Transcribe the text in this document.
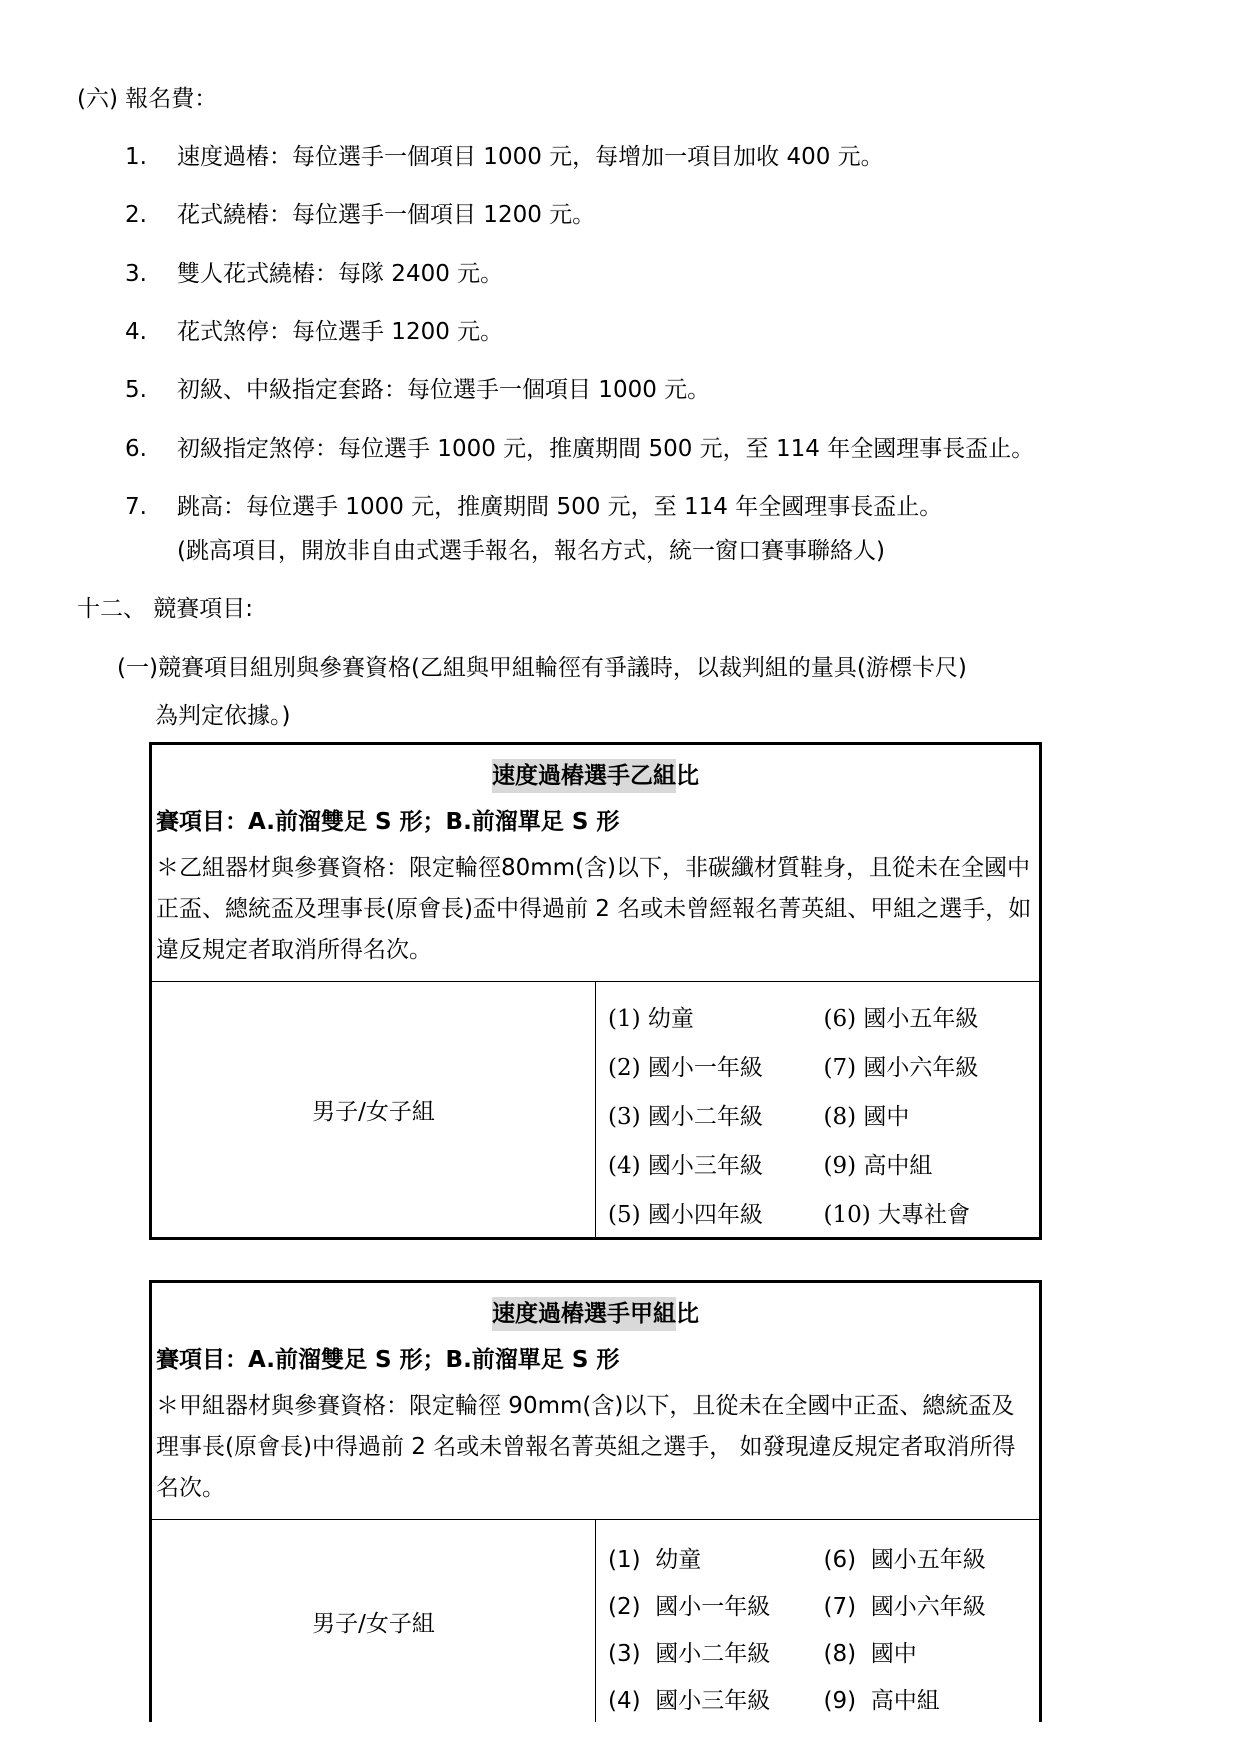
(六) 報名費：
1. 速度過樁：每位選手一個項目 1000 元，每增加一項目加收 400 元。
2. 花式繞樁：每位選手一個項目 1200 元。
3. 雙人花式繞樁：每隊 2400 元。
4. 花式煞停：每位選手 1200 元。
5. 初級、中級指定套路：每位選手一個項目 1000 元。
6. 初級指定煞停：每位選手 1000 元，推廣期間 500 元，至 114 年全國理事長盃止。
7. 跳高：每位選手 1000 元，推廣期間 500 元，至 114 年全國理事長盃止。
(跳高項目，開放非自由式選手報名，報名方式，統一窗口賽事聯絡人)
十二、 競賽項目:
(一)競賽項目組別與參賽資格(乙組與甲組輪徑有爭議時，以裁判組的量具(游標卡尺)
為判定依據。)
速度過樁選手乙組比
賽項目：A.前溜雙足 S 形；B.前溜單足 S 形
＊乙組器材與參賽資格：限定輪徑80mm(含)以下，非碳纖材質鞋身，且從未在全國中正盃、總統盃及理事長(原會長)盃中得過前 2 名或未曾經報名菁英組、甲組之選手，如違反規定者取消所得名次。
男子/女子組	
(1) 幼童	(6) 國小五年級
(2) 國小一年級	(7) 國小六年級
(3) 國小二年級	(8) 國中
(4) 國小三年級	(9) 高中組
(5) 國小四年級	(10) 大專社會
速度過樁選手甲組比
賽項目：A.前溜雙足 S 形；B.前溜單足 S 形
＊甲組器材與參賽資格：限定輪徑 90mm(含)以下，且從未在全國中正盃、總統盃及理事長(原會長)中得過前 2 名或未曾報名菁英組之選手， 如發現違反規定者取消所得名次。
男子/女子組	
(1) 幼童	(6) 國小五年級
(2) 國小一年級	(7) 國小六年級
(3) 國小二年級	(8) 國中
(4) 國小三年級	(9) 高中組
